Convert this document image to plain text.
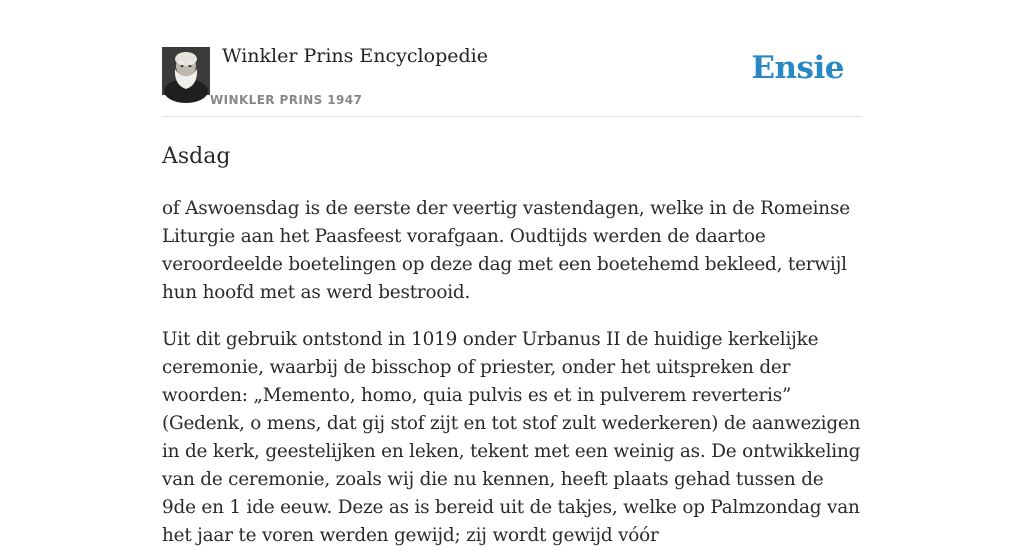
Winkler Prins Encyclopedie
WINKLER PRINS 1947
Ensie
Asdag

of Aswoensdag is de eerste der veertig vastendagen, welke in de Romeinse Liturgie aan het Paasfeest vorafgaan. Oudtijds werden de daartoe veroordeelde boetelingen op deze dag met een boetehemd bekleed, terwijl hun hoofd met as werd bestrooid.

Uit dit gebruik ontstond in 1019 onder Urbanus II de huidige kerkelijke ceremonie, waarbij de bisschop of priester, onder het uitspreken der woorden: „Memento, homo, quia pulvis es et in pulverem reverteris” (Gedenk, o mens, dat gij stof zijt en tot stof zult wederkeren) de aanwezigen in de kerk, geestelijken en leken, tekent met een weinig as. De ontwikkeling van de ceremonie, zoals wij die nu kennen, heeft plaats gehad tussen de 9de en 1 ide eeuw. Deze as is bereid uit de takjes, welke op Palmzondag van het jaar te voren werden gewijd; zij wordt gewijd vóór
